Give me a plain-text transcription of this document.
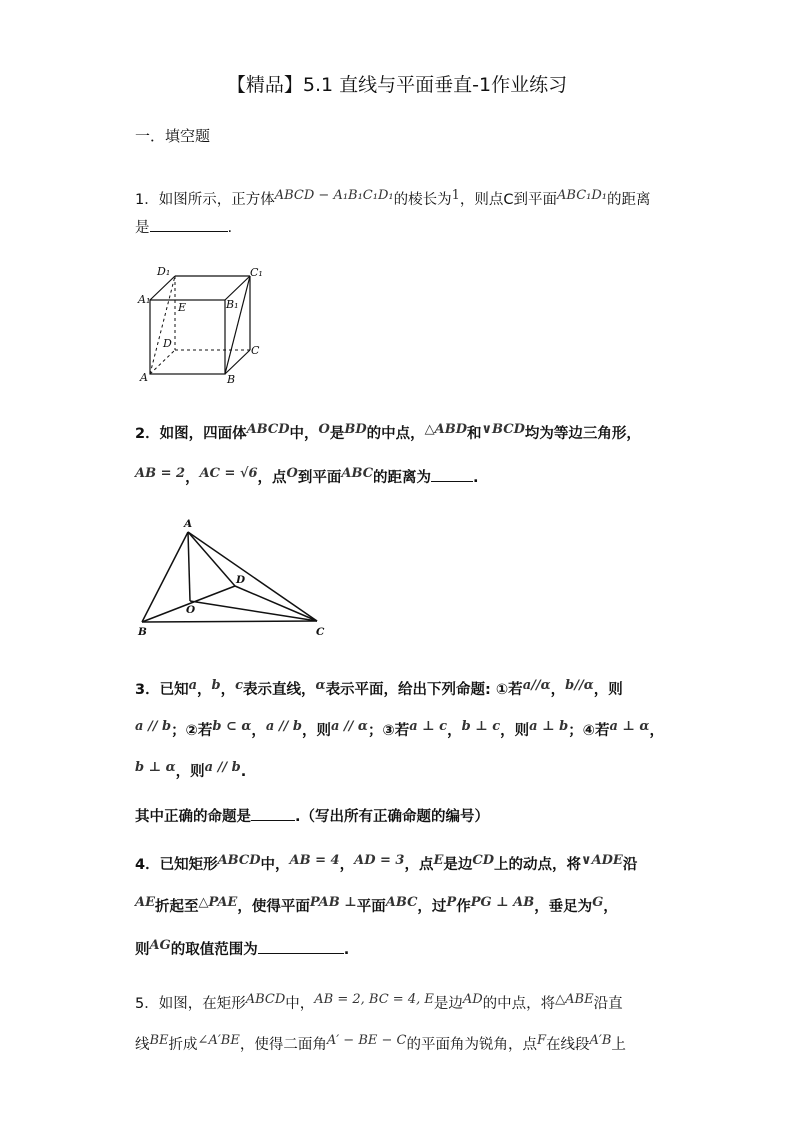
【精品】5.1 直线与平面垂直-1作业练习
一．填空题
1．如图所示，正方体ABCD − A₁B₁C₁D₁的棱长为1，则点C到平面ABC₁D₁的距离
是	.
D₁	C₁
A₁	B₁
E
D
C
A	B
2．如图，四面体ABCD中，O是BD的中点，△ABD和∨BCD均为等边三角形，
AB = 2，AC = √6，点O到平面ABC的距离为	.
A
D
O
B	C
3．已知a，b，c表示直线，α表示平面，给出下列命题: ①若a//α，b//α，则
a // b；②若b ⊂ α，a // b，则a // α；③若a ⊥ c，b ⊥ c，则a ⊥ b；④若a ⊥ α，
b ⊥ α，则a // b.
其中正确的命题是	.（写出所有正确命题的编号）
4．已知矩形ABCD中，AB = 4，AD = 3，点E是边CD上的动点，将∨ADE沿
AE折起至△PAE，使得平面PAB ⊥平面ABC，过P作PG ⊥ AB，垂足为G，
则AG的取值范围为	.
5．如图，在矩形ABCD中，AB = 2, BC = 4, E是边AD的中点，将△ABE沿直
线BE折成∠A′BE，使得二面角A′ − BE − C的平面角为锐角，点F在线段A′B上
